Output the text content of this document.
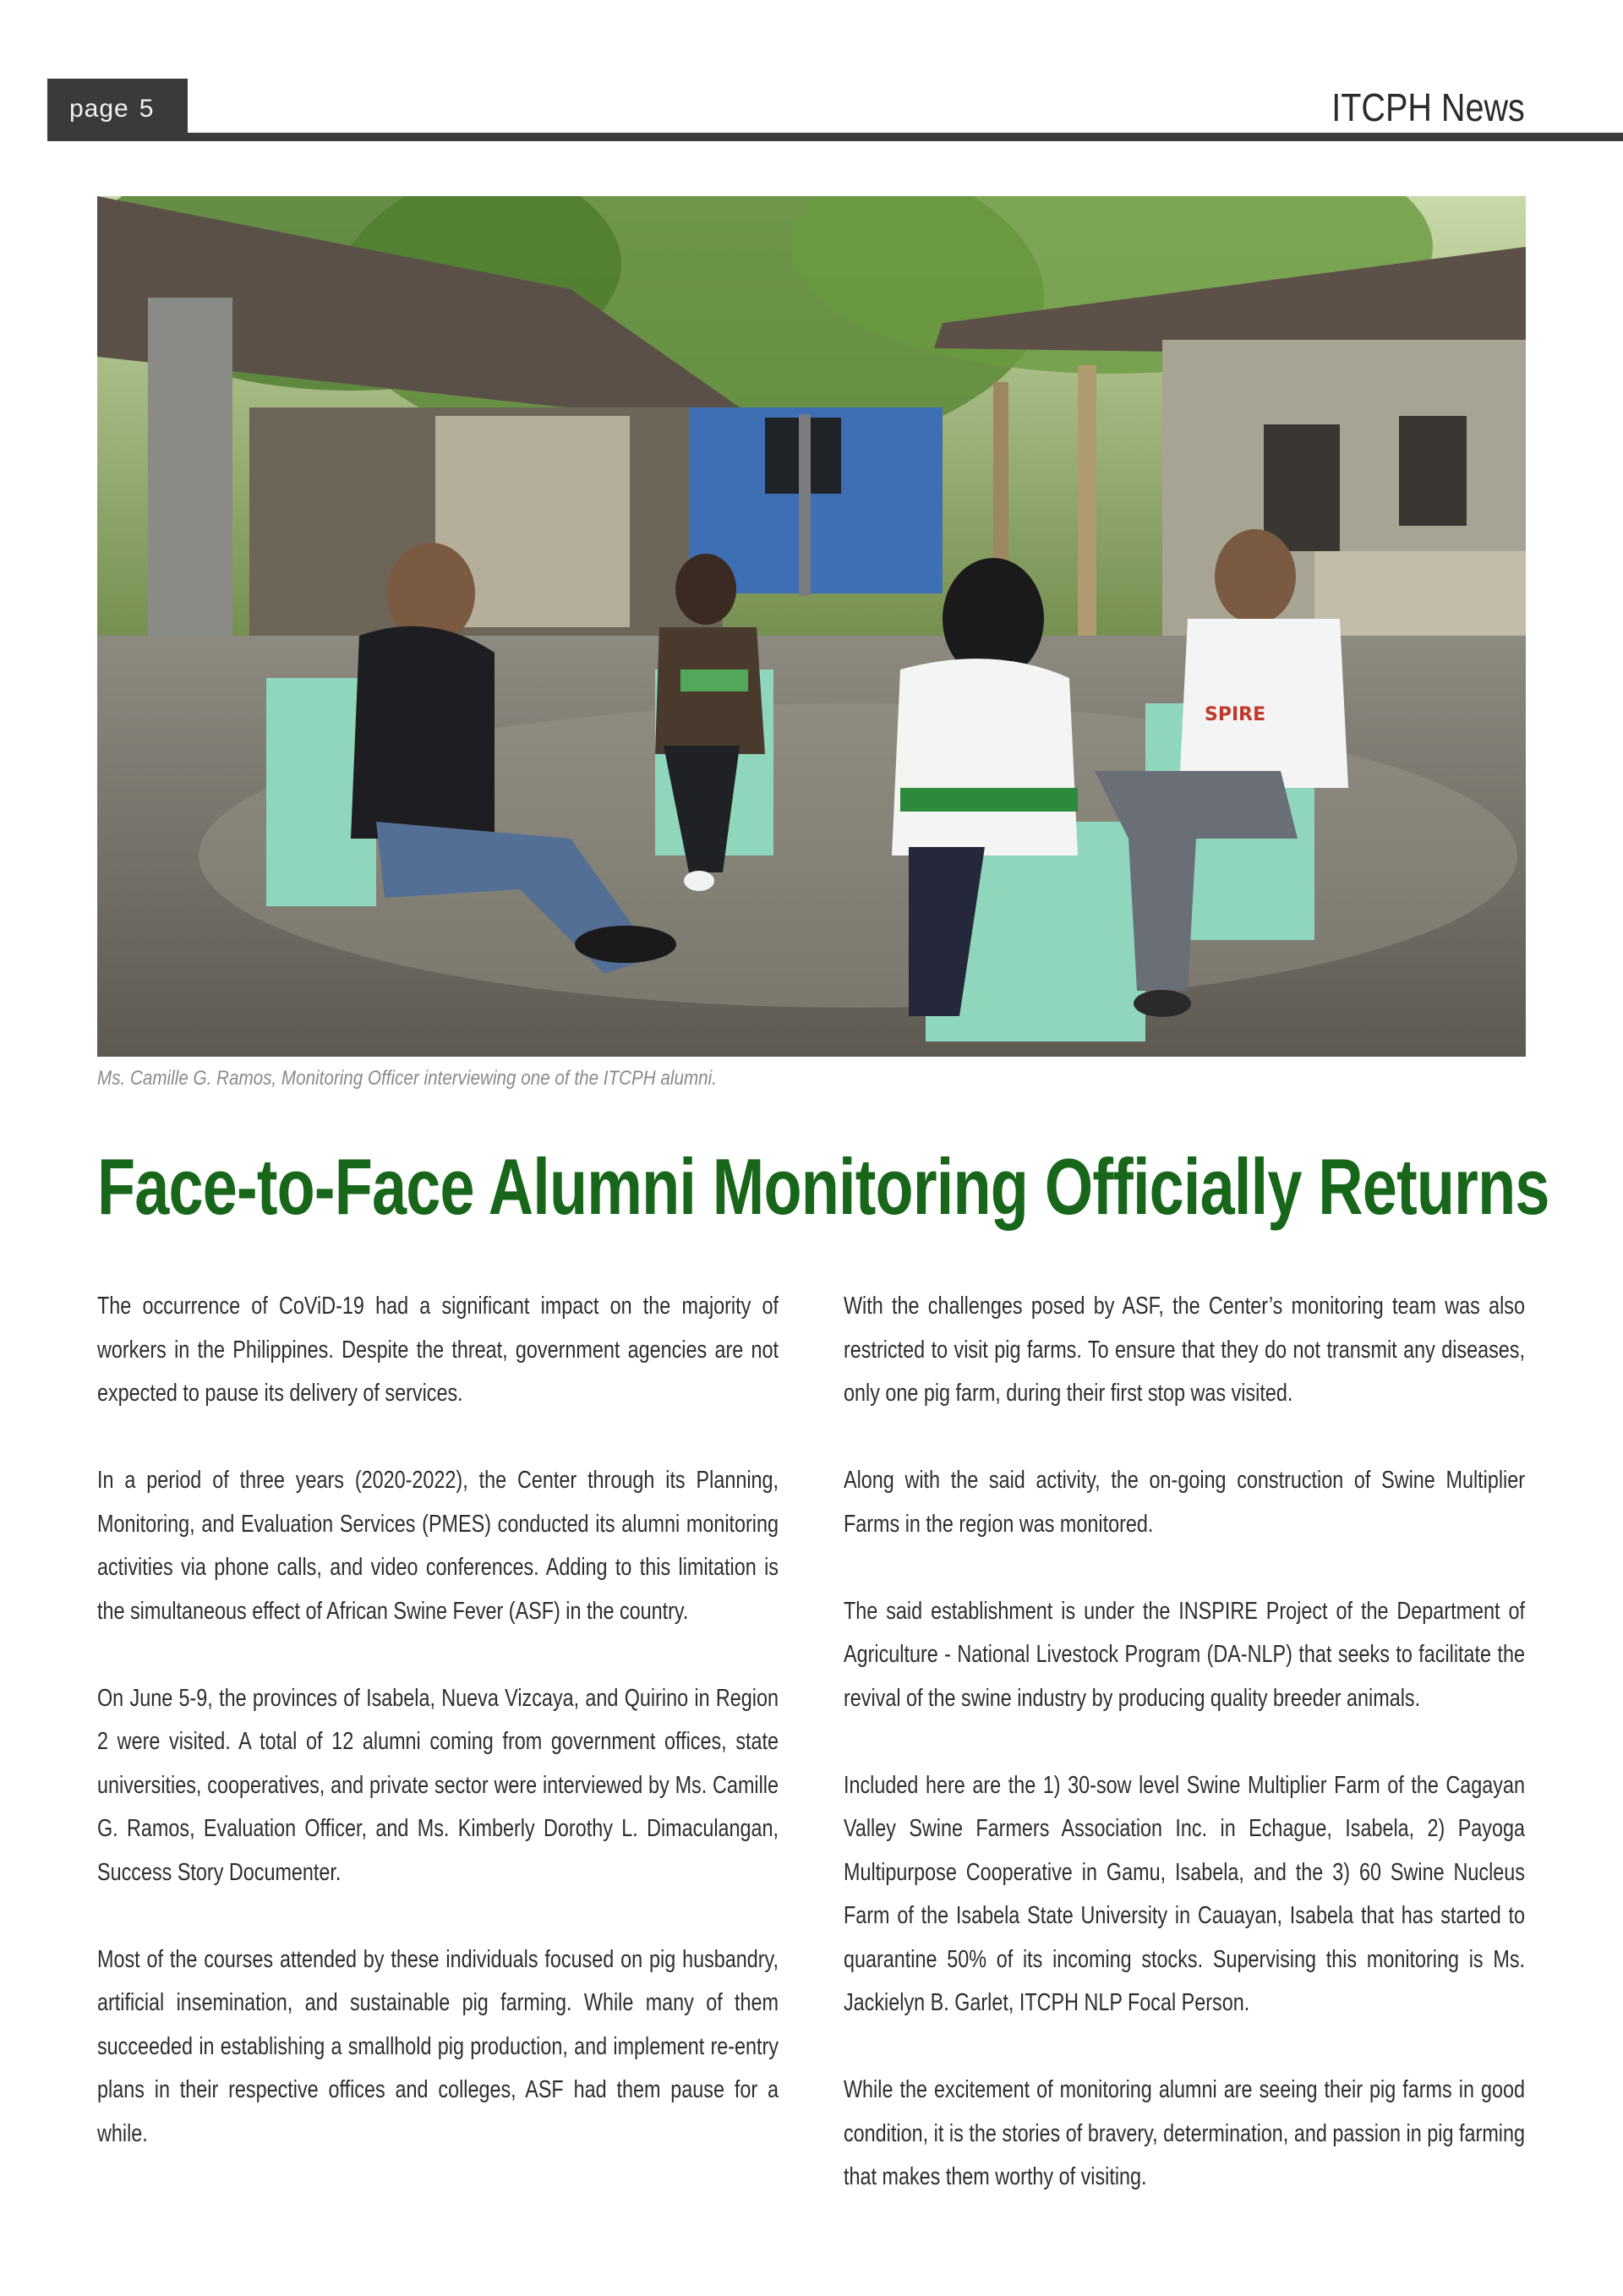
page 5	ITCPH News
SPIRE
Ms. Camille G. Ramos, Monitoring Officer interviewing one of the ITCPH alumni.
Face-to-Face Alumni Monitoring Officially Returns

The occurrence of CoViD-19 had a significant impact on the majority of workers in the Philippines. Despite the threat, government agencies are not expected to pause its delivery of services.

In a period of three years (2020-2022), the Center through its Planning, Monitoring, and Evaluation Services (PMES) conducted its alumni monitoring activities via phone calls, and video conferences. Adding to this limitation is the simultaneous effect of African Swine Fever (ASF) in the country.

On June 5-9, the provinces of Isabela, Nueva Vizcaya, and Quirino in Region 2 were visited. A total of 12 alumni coming from government offices, state universities, cooperatives, and private sector were interviewed by Ms. Camille G. Ramos, Evaluation Officer, and Ms. Kimberly Dorothy L. Dimaculangan, Success Story Documenter.

Most of the courses attended by these individuals focused on pig husbandry, artificial insemination, and sustainable pig farming. While many of them succeeded in establishing a smallhold pig production, and implement re-entry plans in their respective offices and colleges, ASF had them pause for a while.

With the challenges posed by ASF, the Center’s monitoring team was also restricted to visit pig farms. To ensure that they do not transmit any diseases, only one pig farm, during their first stop was visited.

Along with the said activity, the on-going construction of Swine Multiplier Farms in the region was monitored.

The said establishment is under the INSPIRE Project of the Department of Agriculture - National Livestock Program (DA-NLP) that seeks to facilitate the revival of the swine industry by producing quality breeder animals.

Included here are the 1) 30-sow level Swine Multiplier Farm of the Cagayan Valley Swine Farmers Association Inc. in Echague, Isabela, 2) Payoga Multipurpose Cooperative in Gamu, Isabela, and the 3) 60 Swine Nucleus Farm of the Isabela State University in Cauayan, Isabela that has started to quarantine 50% of its incoming stocks. Supervising this monitoring is Ms. Jackielyn B. Garlet, ITCPH NLP Focal Person.

While the excitement of monitoring alumni are seeing their pig farms in good condition, it is the stories of bravery, determination, and passion in pig farming that makes them worthy of visiting.
